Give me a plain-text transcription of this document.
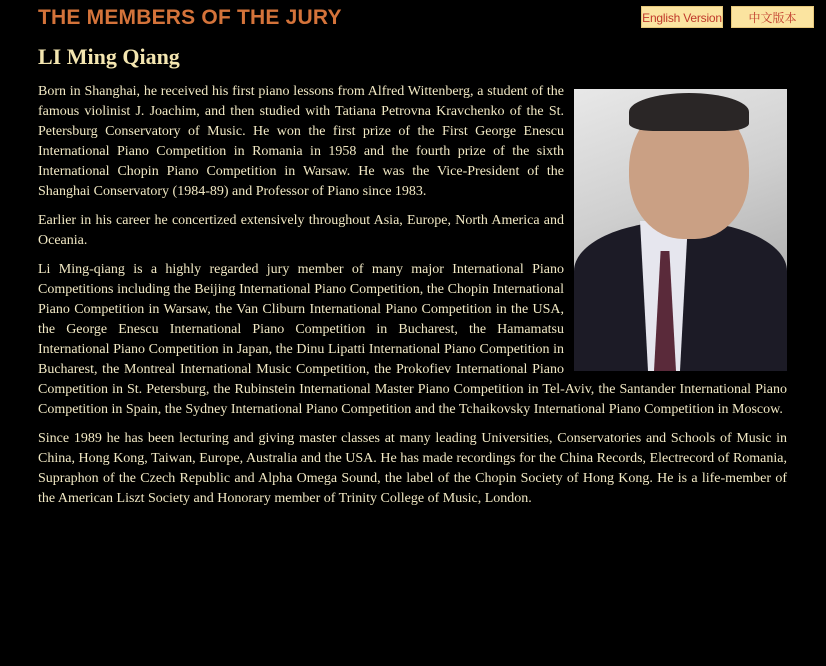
THE MEMBERS OF THE JURY	English Version	中文版本
LI Ming Qiang

Born in Shanghai, he received his first piano lessons from Alfred Wittenberg, a student of the famous violinist J. Joachim, and then studied with Tatiana Petrovna Kravchenko of the St. Petersburg Conservatory of Music. He won the first prize of the First George Enescu International Piano Competition in Romania in 1958 and the fourth prize of the sixth International Chopin Piano Competition in Warsaw. He was the Vice-President of the Shanghai Conservatory (1984-89) and Professor of Piano since 1983.

Earlier in his career he concertized extensively throughout Asia, Europe, North America and Oceania.

Li Ming-qiang is a highly regarded jury member of many major International Piano Competitions including the Beijing International Piano Competition, the Chopin International Piano Competition in Warsaw, the Van Cliburn International Piano Competition in the USA, the George Enescu International Piano Competition in Bucharest, the Hamamatsu International Piano Competition in Japan, the Dinu Lipatti International Piano Competition in Bucharest, the Montreal International Music Competition, the Prokofiev International Piano Competition in St. Petersburg, the Rubinstein International Master Piano Competition in Tel-Aviv, the Santander International Piano Competition in Spain, the Sydney International Piano Competition and the Tchaikovsky International Piano Competition in Moscow.

Since 1989 he has been lecturing and giving master classes at many leading Universities, Conservatories and Schools of Music in China, Hong Kong, Taiwan, Europe, Australia and the USA. He has made recordings for the China Records, Electrecord of Romania, Supraphon of the Czech Republic and Alpha Omega Sound, the label of the Chopin Society of Hong Kong. He is a life-member of the American Liszt Society and Honorary member of Trinity College of Music, London.
